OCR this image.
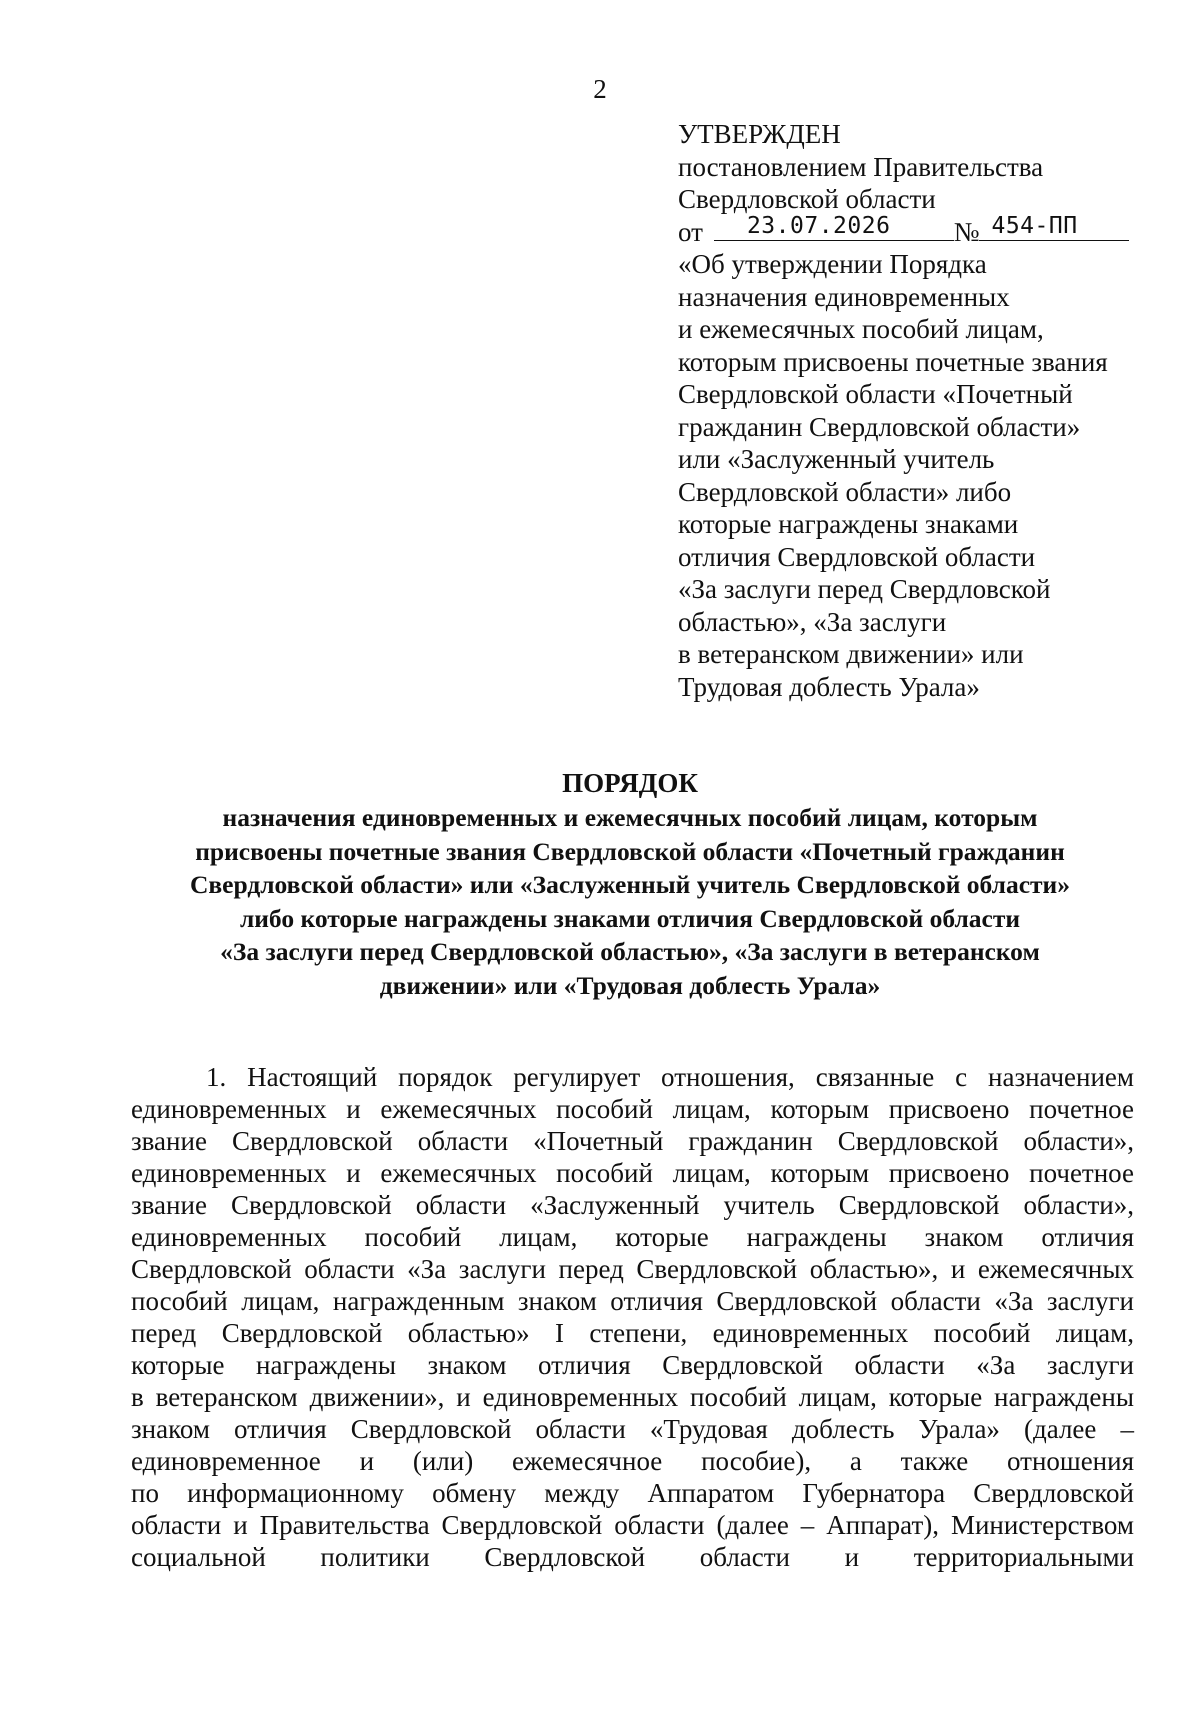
2
УТВЕРЖДЕН
постановлением Правительства
Свердловской области
от	23.07.2026	№ 454-ПП
«Об утверждении Порядка
назначения единовременных
и ежемесячных пособий лицам,
которым присвоены почетные звания
Свердловской области «Почетный
гражданин Свердловской области»
или «Заслуженный учитель
Свердловской области» либо
которые награждены знаками
отличия Свердловской области
«За заслуги перед Свердловской
областью», «За заслуги
в ветеранском движении» или
Трудовая доблесть Урала»
ПОРЯДОК
назначения единовременных и ежемесячных пособий лицам, которым
присвоены почетные звания Свердловской области «Почетный гражданин
Свердловской области» или «Заслуженный учитель Свердловской области»
либо которые награждены знаками отличия Свердловской области
«За заслуги перед Свердловской областью», «За заслуги в ветеранском
движении» или «Трудовая доблесть Урала»
1. Настоящий порядок регулирует отношения, связанные с назначением
единовременных и ежемесячных пособий лицам, которым присвоено почетное
звание Свердловской области «Почетный гражданин Свердловской области»,
единовременных и ежемесячных пособий лицам, которым присвоено почетное
звание Свердловской области «Заслуженный учитель Свердловской области»,
единовременных пособий лицам, которые награждены знаком отличия
Свердловской области «За заслуги перед Свердловской областью», и ежемесячных
пособий лицам, награжденным знаком отличия Свердловской области «За заслуги
перед Свердловской областью» I степени, единовременных пособий лицам,
которые награждены знаком отличия Свердловской области «За заслуги
в ветеранском движении», и единовременных пособий лицам, которые награждены
знаком отличия Свердловской области «Трудовая доблесть Урала» (далее –
единовременное и (или) ежемесячное пособие), а также отношения
по информационному обмену между Аппаратом Губернатора Свердловской
области и Правительства Свердловской области (далее – Аппарат), Министерством
социальной политики Свердловской области и территориальными
